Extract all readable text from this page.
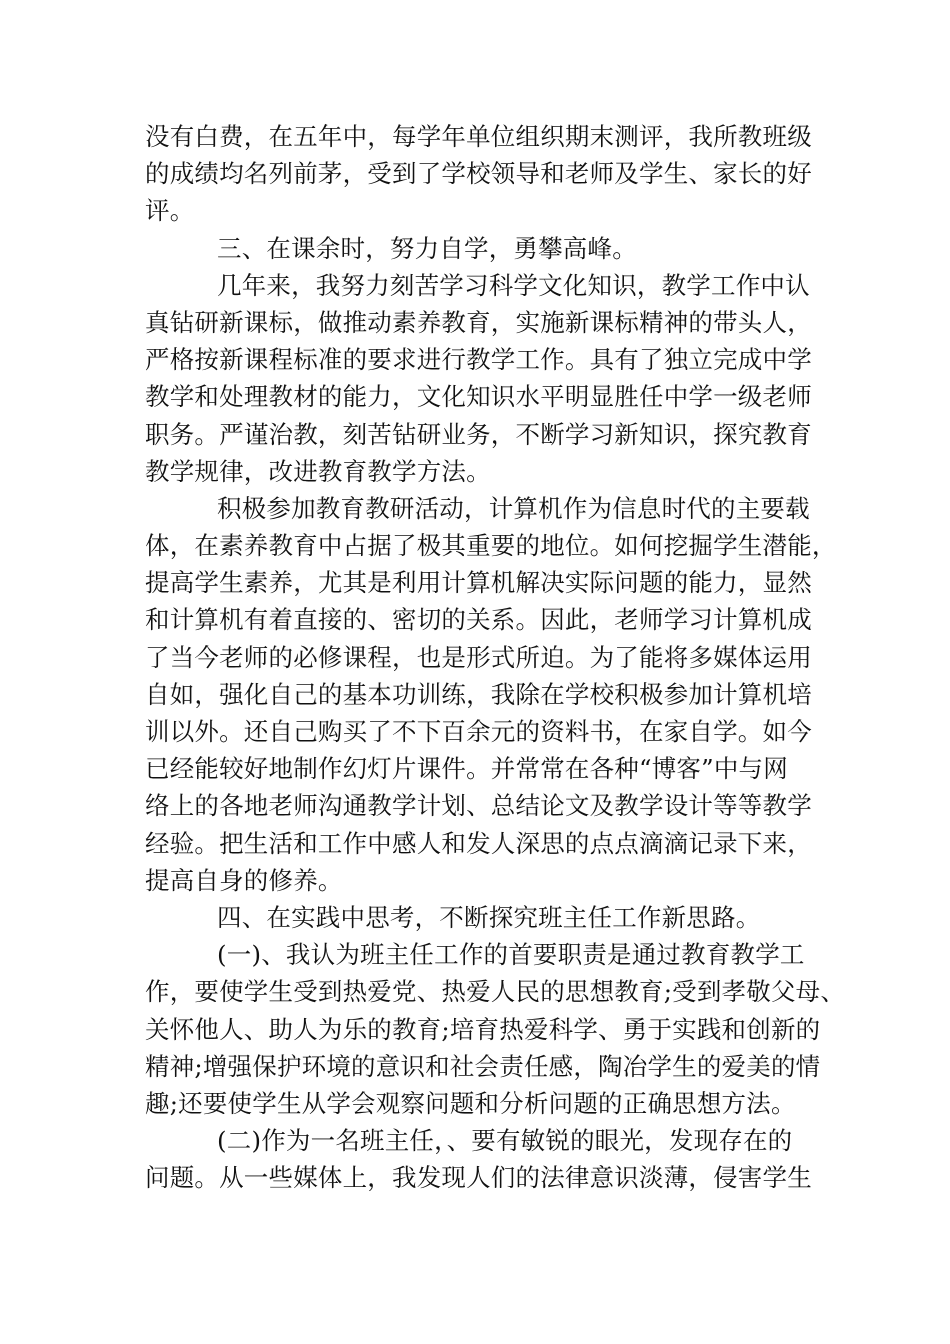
没有白费，在五年中，每学年单位组织期末测评，我所教班级
的成绩均名列前茅，受到了学校领导和老师及学生、家长的好
评。
三、在课余时，努力自学，勇攀高峰。
几年来，我努力刻苦学习科学文化知识，教学工作中认
真钻研新课标，做推动素养教育，实施新课标精神的带头人，
严格按新课程标准的要求进行教学工作。具有了独立完成中学
教学和处理教材的能力，文化知识水平明显胜任中学一级老师
职务。严谨治教，刻苦钻研业务，不断学习新知识，探究教育
教学规律，改进教育教学方法。
积极参加教育教研活动，计算机作为信息时代的主要载
体，在素养教育中占据了极其重要的地位。如何挖掘学生潜能，
提高学生素养，尤其是利用计算机解决实际问题的能力，显然
和计算机有着直接的、密切的关系。因此，老师学习计算机成
了当今老师的必修课程，也是形式所迫。为了能将多媒体运用
自如，强化自己的基本功训练，我除在学校积极参加计算机培
训以外。还自己购买了不下百余元的资料书，在家自学。如今
已经能较好地制作幻灯片课件。并常常在各种“博客”中与网
络上的各地老师沟通教学计划、总结论文及教学设计等等教学
经验。把生活和工作中感人和发人深思的点点滴滴记录下来，
提高自身的修养。
四、在实践中思考，不断探究班主任工作新思路。
(一)、我认为班主任工作的首要职责是通过教育教学工
作，要使学生受到热爱党、热爱人民的思想教育;受到孝敬父母、
关怀他人、助人为乐的教育;培育热爱科学、勇于实践和创新的
精神;增强保护环境的意识和社会责任感，陶冶学生的爱美的情
趣;还要使学生从学会观察问题和分析问题的正确思想方法。
(二)作为一名班主任，、要有敏锐的眼光，发现存在的
问题。从一些媒体上，我发现人们的法律意识淡薄，侵害学生
